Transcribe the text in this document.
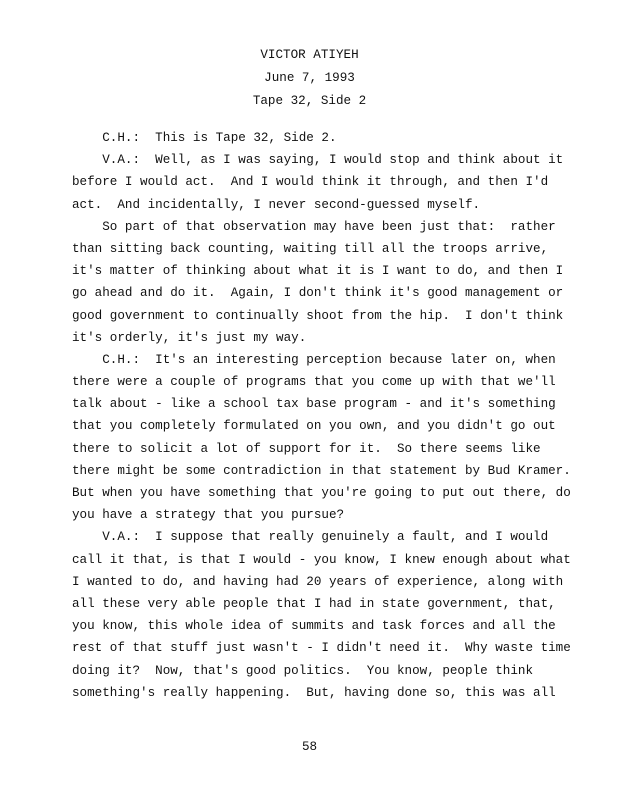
VICTOR ATIYEH
June 7, 1993
Tape 32, Side 2

C.H.:  This is Tape 32, Side 2.

V.A.:  Well, as I was saying, I would stop and think about it

before I would act.  And I would think it through, and then I'd

act.  And incidentally, I never second-guessed myself.

So part of that observation may have been just that:  rather

than sitting back counting, waiting till all the troops arrive,

it's matter of thinking about what it is I want to do, and then I

go ahead and do it.  Again, I don't think it's good management or

good government to continually shoot from the hip.  I don't think

it's orderly, it's just my way.

C.H.:  It's an interesting perception because later on, when

there were a couple of programs that you come up with that we'll

talk about - like a school tax base program - and it's something

that you completely formulated on you own, and you didn't go out

there to solicit a lot of support for it.  So there seems like

there might be some contradiction in that statement by Bud Kramer.

But when you have something that you're going to put out there, do

you have a strategy that you pursue?

V.A.:  I suppose that really genuinely a fault, and I would

call it that, is that I would - you know, I knew enough about what

I wanted to do, and having had 20 years of experience, along with

all these very able people that I had in state government, that,

you know, this whole idea of summits and task forces and all the

rest of that stuff just wasn't - I didn't need it.  Why waste time

doing it?  Now, that's good politics.  You know, people think

something's really happening.  But, having done so, this was all

58
